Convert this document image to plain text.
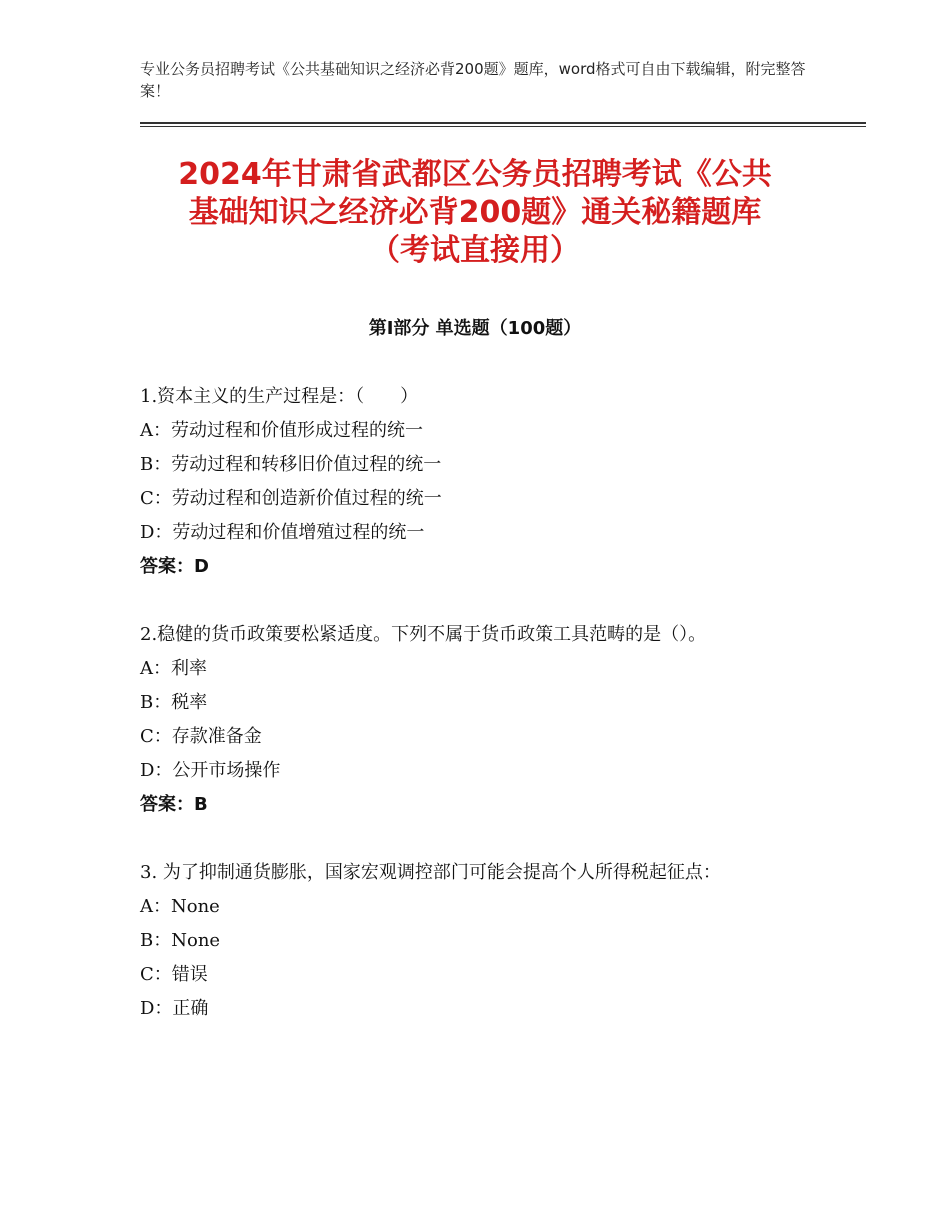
专业公务员招聘考试《公共基础知识之经济必背200题》题库，word格式可自由下载编辑，附完整答案！
2024年甘肃省武都区公务员招聘考试《公共
基础知识之经济必背200题》通关秘籍题库
（考试直接用）
第Ⅰ部分 单选题（100题）
1.资本主义的生产过程是：（　　）
A：劳动过程和价值形成过程的统一
B：劳动过程和转移旧价值过程的统一
C：劳动过程和创造新价值过程的统一
D：劳动过程和价值增殖过程的统一
答案：D
2.稳健的货币政策要松紧适度。下列不属于货币政策工具范畴的是（）。
A：利率
B：税率
C：存款准备金
D：公开市场操作
答案：B
3. 为了抑制通货膨胀，国家宏观调控部门可能会提高个人所得税起征点：
A：None
B：None
C：错误
D：正确
